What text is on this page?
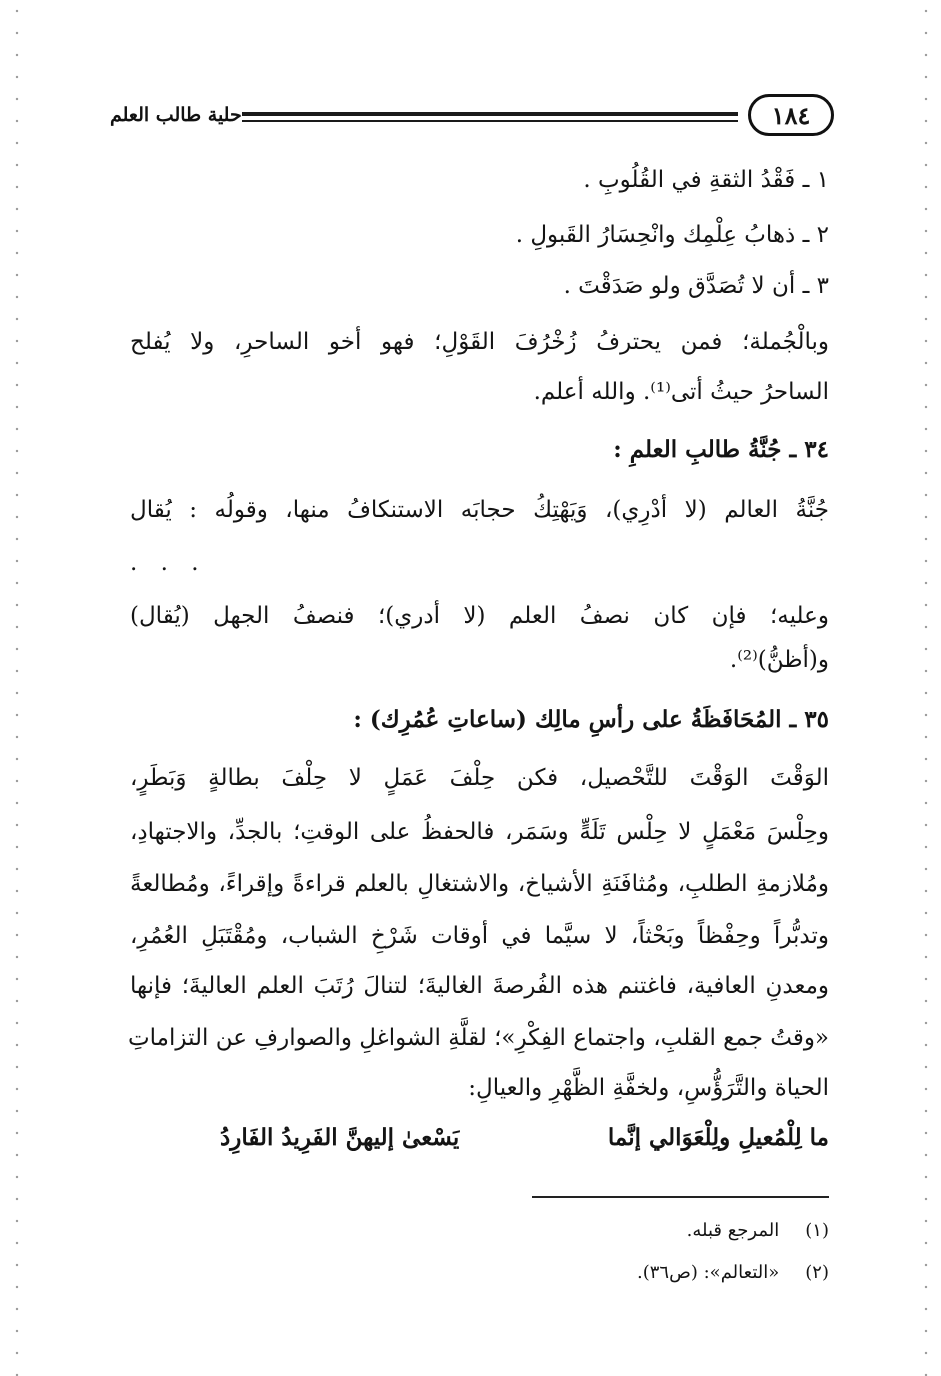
حلية طالب العلم	١٨٤
١ ـ فَقْدُ الثقةِ في القُلُوبِ .
٢ ـ ذهابُ عِلْمِك وانْحِسَارُ القَبولِ .
٣ ـ أن لا تُصَدَّق ولو صَدَقْتَ .
وبالْجُملة؛ فمن يحترفُ زُخْرُفَ القَوْلِ؛ فهو أخو الساحرِ، ولا يُفلح
الساحرُ حيثُ أتى⁽¹⁾. والله أعلم.
٣٤ ـ جُنَّةُ طالبِ العلمِ :
جُنَّةُ العالم (لا أدْرِي)، وَيَهْتِكُ حجابَه الاستنكافُ منها، وقولُه : يُقال
. . .
وعليه؛ فإن كان نصفُ العلم (لا أدري)؛ فنصفُ الجهل (يُقال)
و(أظنُّ)⁽²⁾.
٣٥ ـ المُحَافَظَةُ على رأسِ مالِك (ساعاتِ عُمُرِك) :
الوَقْتَ الوَقْتَ للتَّحْصيل، فكن حِلْفَ عَمَلٍ لا حِلْفَ بطالةٍ وَبَطَرٍ،
وحِلْسَ مَعْمَلٍ لا حِلْس تَلَهٍّ وسَمَر، فالحفظُ على الوقتِ؛ بالجدِّ، والاجتهادِ،
ومُلازمةِ الطلبِ، ومُثافَنَةِ الأشياخ، والاشتغالِ بالعلم قراءةً وإقراءً، ومُطالعةً
وتدبُّراً وحِفْظاً وبَحْثاً، لا سيَّما في أوقات شَرْخِ الشباب، ومُقْتَبَلِ العُمُرِ،
ومعدنِ العافية، فاغتنم هذه الفُرصةَ الغاليةَ؛ لتنالَ رُتَبَ العلم العاليةَ؛ فإنها
«وقتُ جمع القلبِ، واجتماع الفِكْرِ»؛ لقلَّةِ الشواغلِ والصوارفِ عن التزاماتِ
الحياة والتَّرَؤُّسِ، ولخفَّةِ الظَّهْرِ والعيالِ:
ما لِلْمُعيلِ ولِلْعَوَالي إنَّما
يَسْعىٰ إليهنَّ الفَرِيدُ الفَارِدُ
(١) المرجع قبله.
(٢) «التعالم»: (ص٣٦).
